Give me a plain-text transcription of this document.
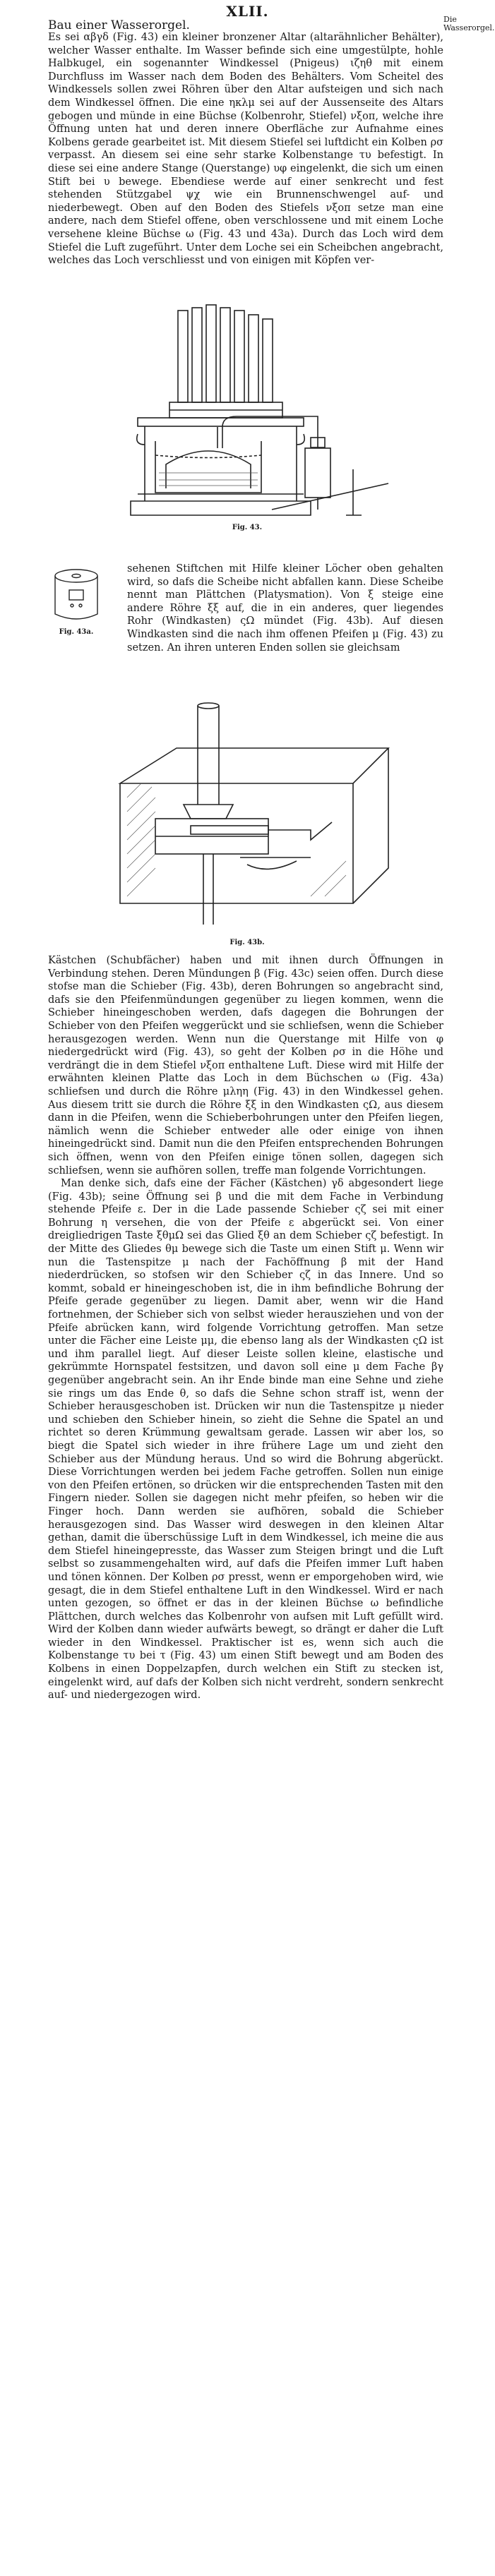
XLII.
Bau einer Wasserorgel.	Die Wasserorgel.

Es sei αβγδ (Fig. 43) ein kleiner bronzener Altar (altarähnlicher Behälter), welcher Wasser enthalte. Im Wasser befinde sich eine umgestülpte, hohle Halbkugel, ein sogenannter Windkessel (Pnigeus) ιζηθ mit einem Durchfluss im Wasser nach dem Boden des Behälters. Vom Scheitel des Windkessels sollen zwei Röhren über den Altar aufsteigen und sich nach dem Windkessel öffnen. Die eine ηκλμ sei auf der Aussenseite des Altars gebogen und münde in eine Büchse (Kolbenrohr, Stiefel) νξοπ, welche ihre Öffnung unten hat und deren innere Oberfläche zur Aufnahme eines Kolbens gerade gearbeitet ist. Mit diesem Stiefel sei luftdicht ein Kolben ρσ verpasst. An diesem sei eine sehr starke Kolbenstange τυ befestigt. In diese sei eine andere Stange (Querstange) υφ eingelenkt, die sich um einen Stift bei υ bewege. Ebendiese werde auf einer senkrecht und fest stehenden Stützgabel ψχ wie ein Brunnenschwengel auf- und niederbewegt. Oben auf den Boden des Stiefels νξοπ setze man eine andere, nach dem Stiefel offene, oben verschlossene und mit einem Loche versehene kleine Büchse ω (Fig. 43 und 43a). Durch das Loch wird dem Stiefel die Luft zugeführt. Unter dem Loche sei ein Scheibchen angebracht, welches das Loch verschliesst und von einigen mit Köpfen ver-

Fig. 43.
Fig. 43a.

sehenen Stiftchen mit Hilfe kleiner Löcher oben gehalten wird, so dafs die Scheibe nicht abfallen kann. Diese Scheibe nennt man Plättchen (Platysmation). Von ξ steige eine andere Röhre ξξ auf, die in ein anderes, quer liegendes Rohr (Windkasten) ςΩ mündet (Fig. 43b). Auf diesen Windkasten sind die nach ihm offenen Pfeifen μ (Fig. 43) zu setzen. An ihren unteren Enden sollen sie gleichsam

Fig. 43b.

Kästchen (Schubfächer) haben und mit ihnen durch Öffnungen in Verbindung stehen. Deren Mündungen β (Fig. 43c) seien offen. Durch diese stofse man die Schieber (Fig. 43b), deren Bohrungen so angebracht sind, dafs sie den Pfeifenmündungen gegenüber zu liegen kommen, wenn die Schieber hineingeschoben werden, dafs dagegen die Bohrungen der Schieber von den Pfeifen weggerückt und sie schliefsen, wenn die Schieber herausgezogen werden. Wenn nun die Querstange mit Hilfe von φ niedergedrückt wird (Fig. 43), so geht der Kolben ρσ in die Höhe und verdrängt die in dem Stiefel νξοπ enthaltene Luft. Diese wird mit Hilfe der erwähnten kleinen Platte das Loch in dem Büchschen ω (Fig. 43a) schliefsen und durch die Röhre μληη (Fig. 43) in den Windkessel gehen. Aus diesem tritt sie durch die Röhre ξξ in den Windkasten ςΩ, aus diesem dann in die Pfeifen, wenn die Schieberbohrungen unter den Pfeifen liegen, nämlich wenn die Schieber entweder alle oder einige von ihnen hineingedrückt sind. Damit nun die den Pfeifen entsprechenden Bohrungen sich öffnen, wenn von den Pfeifen einige tönen sollen, dagegen sich schliefsen, wenn sie aufhören sollen, treffe man folgende Vorrichtungen.

Man denke sich, dafs eine der Fächer (Kästchen) γδ abgesondert liege (Fig. 43b); seine Öffnung sei β und die mit dem Fache in Verbindung stehende Pfeife ε. Der in die Lade passende Schieber ςζ sei mit einer Bohrung η versehen, die von der Pfeife ε abgerückt sei. Von einer dreigliedrigen Taste ξθμΩ sei das Glied ξθ an dem Schieber ςζ befestigt. In der Mitte des Gliedes θμ bewege sich die Taste um einen Stift μ. Wenn wir nun die Tastenspitze μ nach der Fachöffnung β mit der Hand niederdrücken, so stofsen wir den Schieber ςζ in das Innere. Und so kommt, sobald er hineingeschoben ist, die in ihm befindliche Bohrung der Pfeife gerade gegenüber zu liegen. Damit aber, wenn wir die Hand fortnehmen, der Schieber sich von selbst wieder herausziehen und von der Pfeife abrücken kann, wird folgende Vorrichtung getroffen. Man setze unter die Fächer eine Leiste μμ, die ebenso lang als der Windkasten ςΩ ist und ihm parallel liegt. Auf dieser Leiste sollen kleine, elastische und gekrümmte Hornspatel festsitzen, und davon soll eine μ dem Fache βγ gegenüber angebracht sein. An ihr Ende binde man eine Sehne und ziehe sie rings um das Ende θ, so dafs die Sehne schon straff ist, wenn der Schieber herausgeschoben ist. Drücken wir nun die Tastenspitze μ nieder und schieben den Schieber hinein, so zieht die Sehne die Spatel an und richtet so deren Krümmung gewaltsam gerade. Lassen wir aber los, so biegt die Spatel sich wieder in ihre frühere Lage um und zieht den Schieber aus der Mündung heraus. Und so wird die Bohrung abgerückt. Diese Vorrichtungen werden bei jedem Fache getroffen. Sollen nun einige von den Pfeifen ertönen, so drücken wir die entsprechenden Tasten mit den Fingern nieder. Sollen sie dagegen nicht mehr pfeifen, so heben wir die Finger hoch. Dann werden sie aufhören, sobald die Schieber herausgezogen sind. Das Wasser wird deswegen in den kleinen Altar gethan, damit die überschüssige Luft in dem Windkessel, ich meine die aus dem Stiefel hineingepresste, das Wasser zum Steigen bringt und die Luft selbst so zusammengehalten wird, auf dafs die Pfeifen immer Luft haben und tönen können. Der Kolben ρσ presst, wenn er emporgehoben wird, wie gesagt, die in dem Stiefel enthaltene Luft in den Windkessel. Wird er nach unten gezogen, so öffnet er das in der kleinen Büchse ω befindliche Plättchen, durch welches das Kolbenrohr von aufsen mit Luft gefüllt wird. Wird der Kolben dann wieder aufwärts bewegt, so drängt er daher die Luft wieder in den Windkessel. Praktischer ist es, wenn sich auch die Kolbenstange τυ bei τ (Fig. 43) um einen Stift bewegt und am Boden des Kolbens in einen Doppelzapfen, durch welchen ein Stift zu stecken ist, eingelenkt wird, auf dafs der Kolben sich nicht verdreht, sondern senkrecht auf- und niedergezogen wird.
